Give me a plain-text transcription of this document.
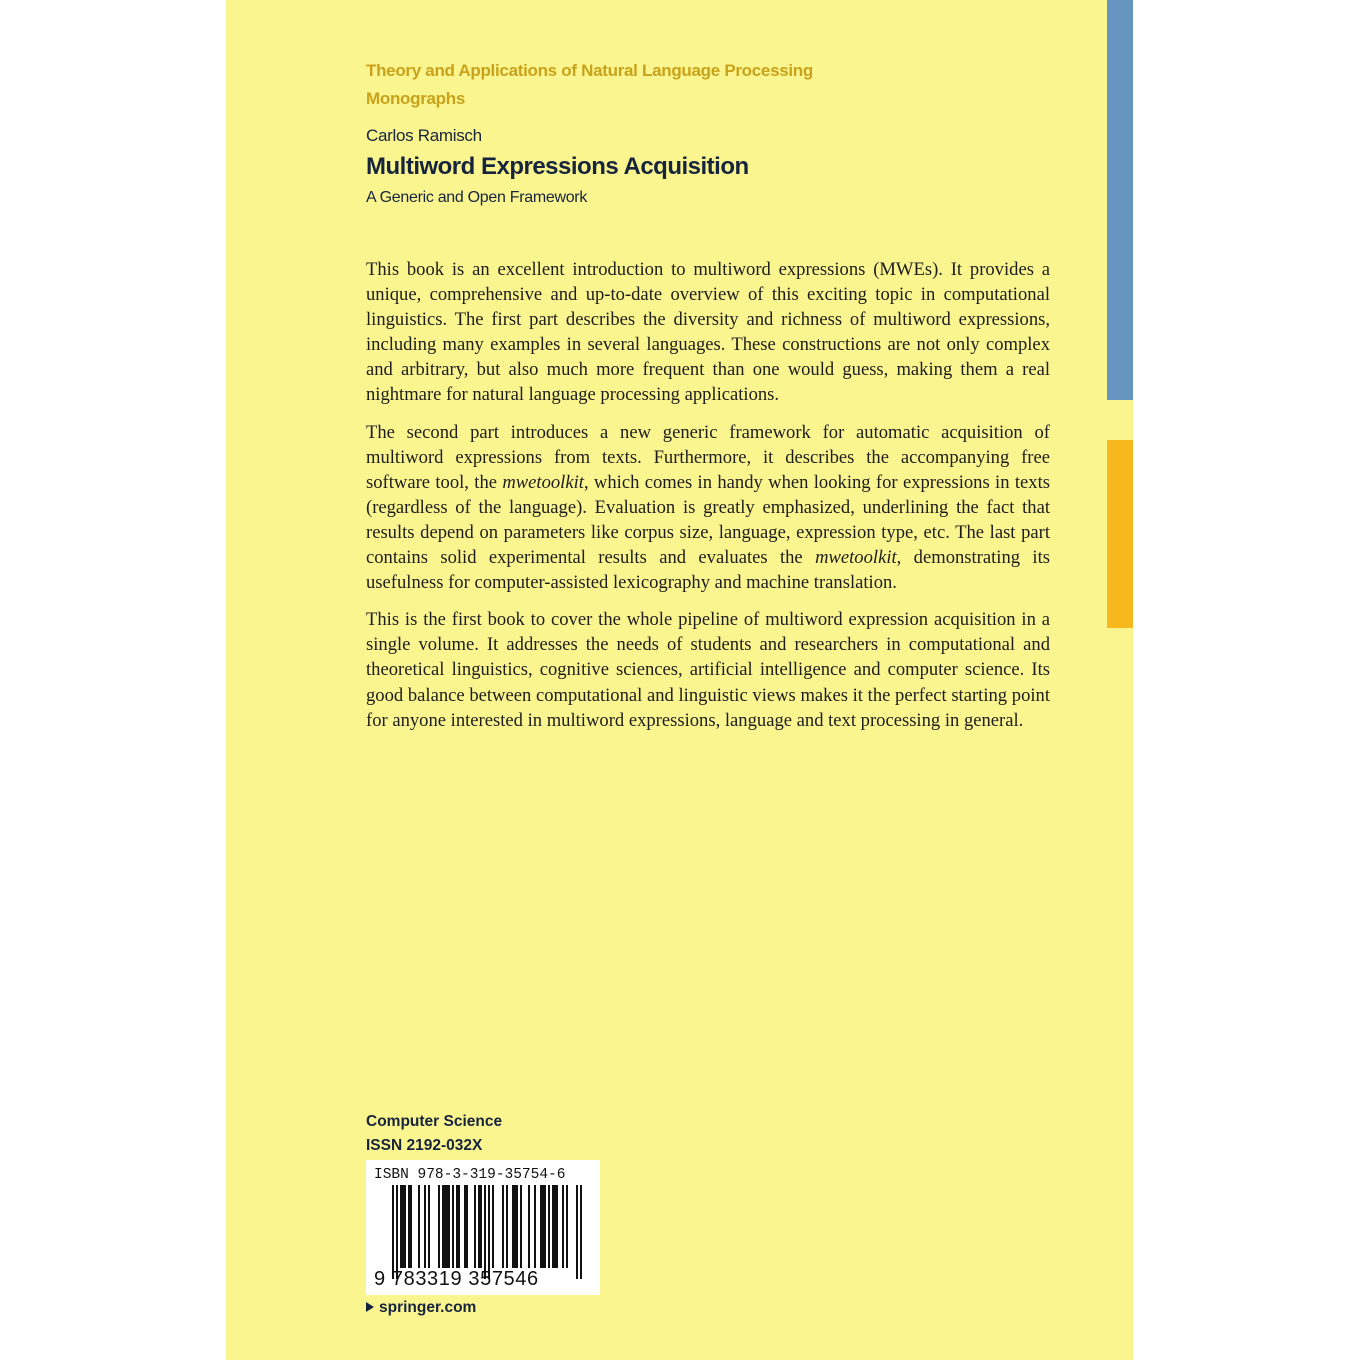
Theory and Applications of Natural Language Processing
Monographs
Carlos Ramisch
Multiword Expressions Acquisition
A Generic and Open Framework

This book is an excellent introduction to multiword expressions (MWEs). It provides a unique, comprehensive and up-to-date overview of this exciting topic in computational linguistics. The first part describes the diversity and richness of multiword expressions, including many examples in several languages. These constructions are not only complex and arbitrary, but also much more frequent than one would guess, making them a real nightmare for natural language processing applications.

The second part introduces a new generic framework for automatic acquisition of multiword expressions from texts. Furthermore, it describes the accompanying free software tool, the mwetoolkit, which comes in handy when looking for expressions in texts (regardless of the language). Evaluation is greatly emphasized, underlining the fact that results depend on parameters like corpus size, language, expression type, etc. The last part contains solid experimental results and evaluates the mwetoolkit, demonstrating its usefulness for computer-assisted lexicography and machine translation.

This is the first book to cover the whole pipeline of multiword expression acquisition in a single volume. It addresses the needs of students and researchers in computational and theoretical linguistics, cognitive sciences, artificial intelligence and computer science. Its good balance between computational and linguistic views makes it the perfect starting point for anyone interested in multiword expressions, language and text processing in general.

Computer Science
ISSN 2192-032X
ISBN 978-3-319-35754-6
9 783319 357546
springer.com
